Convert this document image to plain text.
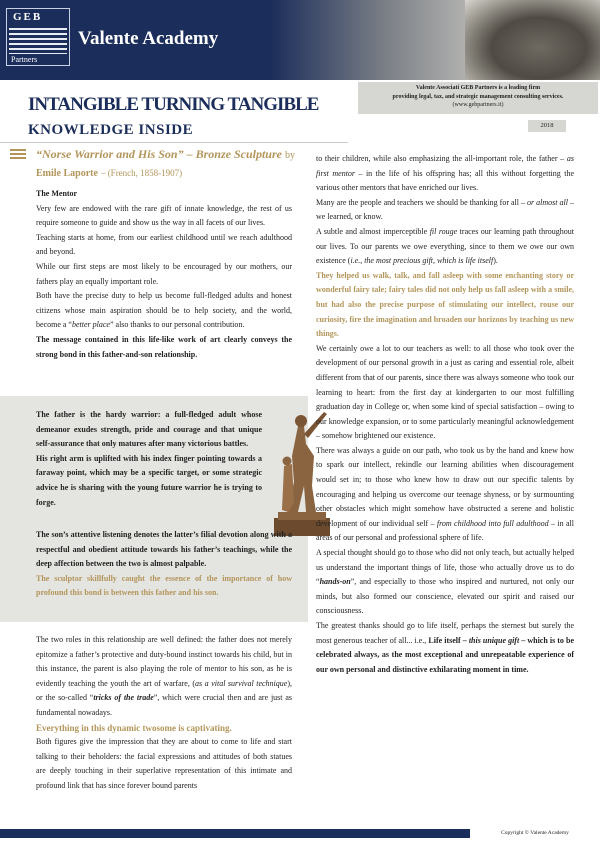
GEB
Partners
Valente Academy
Valente Associati GEB Partners is a leading firm
providing legal, tax, and strategic management consulting services.
(www.gebpartners.it)
INTANGIBLE TURNING TANGIBLE
KNOWLEDGE INSIDE	2018
“Norse Warrior and His Son” – Bronze Sculpture by Emile Laporte – (French, 1858-1907)

The Mentor

Very few are endowed with the rare gift of innate knowledge, the rest of us require someone to guide and show us the way in all facets of our lives.

Teaching starts at home, from our earliest childhood until we reach adulthood and beyond.

While our first steps are most likely to be encouraged by our mothers, our fathers play an equally important role.

Both have the precise duty to help us become full-fledged adults and honest citizens whose main aspiration should be to help society, and the world, become a “better place” also thanks to our personal contribution.

The message contained in this life-like work of art clearly conveys the strong bond in this father-and-son relationship.

The father is the hardy warrior: a full-fledged adult whose demeanor exudes strength, pride and courage and that unique self-assurance that only matures after many victorious battles.

His right arm is uplifted with his index finger pointing towards a faraway point, which may be a specific target, or some strategic advice he is sharing with the young future warrior he is trying to forge.

The son’s attentive listening denotes the latter’s filial devotion along with a respectful and obedient attitude towards his father’s teachings, while the deep affection between the two is almost palpable.

The sculptor skillfully caught the essence of the importance of how profound this bond is between this father and his son.

The two roles in this relationship are well defined: the father does not merely epitomize a father’s protective and duty-bound instinct towards his child, but in this instance, the parent is also playing the role of mentor to his son, as he is evidently teaching the youth the art of warfare, (as a vital survival technique), or the so-called “tricks of the trade”, which were crucial then and are just as fundamental nowadays.

Everything in this dynamic twosome is captivating.

Both figures give the impression that they are about to come to life and start talking to their beholders: the facial expressions and attitudes of both statues are deeply touching in their superlative representation of this intimate and profound link that has since forever bound parents

to their children, while also emphasizing the all-important role, the father – as first mentor – in the life of his offspring has; all this without forgetting the various other mentors that have enriched our lives.

Many are the people and teachers we should be thanking for all – or almost all – we learned, or know.

A subtle and almost imperceptible fil rouge traces our learning path throughout our lives. To our parents we owe everything, since to them we owe our own existence (i.e., the most precious gift, which is life itself).

They helped us walk, talk, and fall asleep with some enchanting story or wonderful fairy tale; fairy tales did not only help us fall asleep with a smile, but had also the precise purpose of stimulating our intellect, rouse our curiosity, fire the imagination and broaden our horizons by teaching us new things.

We certainly owe a lot to our teachers as well: to all those who took over the development of our personal growth in a just as caring and essential role, albeit different from that of our parents, since there was always someone who took our learning to heart: from the first day at kindergarten to our most fulfilling graduation day in College or, when some kind of special satisfaction – owing to our knowledge expansion, or to some particularly meaningful acknowledgement – somehow brightened our existence.

There was always a guide on our path, who took us by the hand and knew how to spark our intellect, rekindle our learning abilities when discouragement would set in; to those who knew how to draw out our specific talents by encouraging and helping us overcome our teenage shyness, or by surmounting other obstacles which might somehow have obstructed a serene and holistic development of our individual self – from childhood into full adulthood – in all areas of our personal and professional sphere of life.

A special thought should go to those who did not only teach, but actually helped us understand the important things of life, those who actually drove us to do “hands-on”, and especially to those who inspired and nurtured, not only our minds, but also formed our conscience, elevated our spirit and raised our consciousness.

The greatest thanks should go to life itself, perhaps the sternest but surely the most generous teacher of all... i.e., Life itself – this unique gift – which is to be celebrated always, as the most exceptional and unrepeatable experience of our own personal and distinctive exhilarating moment in time.

Copyright © Valente Academy
